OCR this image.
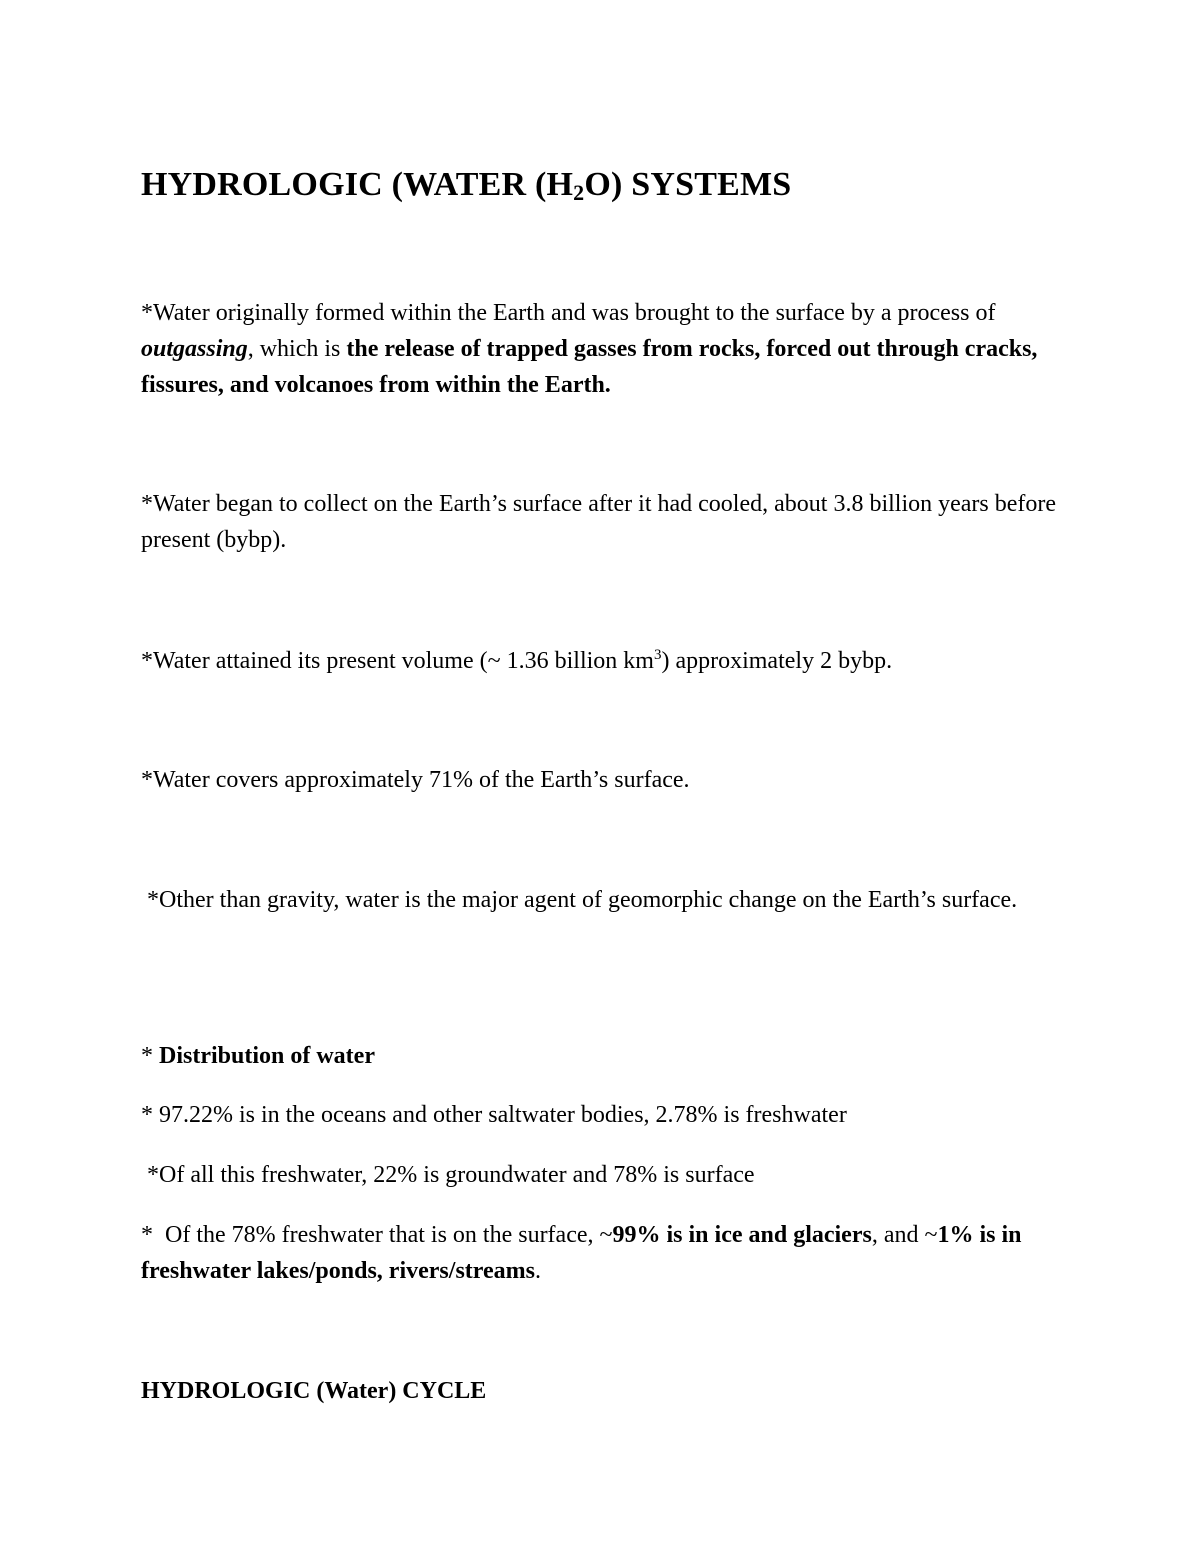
HYDROLOGIC (WATER $(H_2O)$ SYSTEMS

*Water originally formed within the Earth and was brought to the surface by a process of outgassing, which is the release of trapped gasses from rocks, forced out through cracks, fissures, and volcanoes from within the Earth.

*Water began to collect on the Earth’s surface after it had cooled, about 3.8 billion years before present (bybp).

*Water attained its present volume (~ 1.36 billion $km^3$) approximately 2 bybp.

*Water covers approximately 71% of the Earth’s surface.

*Other than gravity, water is the major agent of geomorphic change on the Earth’s surface.

* Distribution of water

* 97.22% is in the oceans and other saltwater bodies, 2.78% is freshwater

*Of all this freshwater, 22% is groundwater and 78% is surface

*  Of the 78% freshwater that is on the surface, ~99% is in ice and glaciers, and ~1% is in freshwater lakes/ponds, rivers/streams.

HYDROLOGIC (Water) CYCLE
